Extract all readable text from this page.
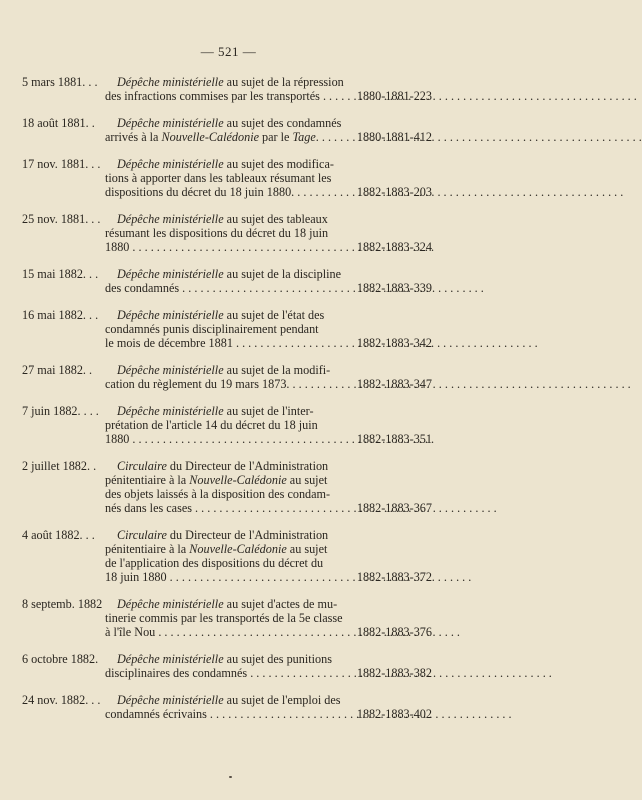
— 521 —
5 mars 1881. . .	Dépêche ministérielle au sujet de la répression
des infractions commises par les transportés . . . . . 1880-1881-223
18 août 1881. .	Dépêche ministérielle au sujet des condamnés
arrivés à la Nouvelle-Calédonie par le Tage. . . . . . . 1880-1881-412
17 nov. 1881. . .	Dépêche ministérielle au sujet des modifica-
tions à apporter dans les tableaux résumant les
dispositions du décret du 18 juin 1880. . . . . . . .	1882-1883-203
25 nov. 1881. . .	Dépêche ministérielle au sujet des tableaux
résumant les dispositions du décret du 18 juin
1880 . . .	1882-1883-324
15 mai 1882. . .	Dépêche ministérielle au sujet de la discipline
des condamnés . . .	1882-1883-339
16 mai 1882. . .	Dépêche ministérielle au sujet de l'état des
condamnés punis disciplinairement pendant
le mois de décembre 1881 . . .	1882-1883-342
27 mai 1882. .	Dépêche ministérielle au sujet de la modifi-
cation du règlement du 19 mars 1873. . . . . . . . . .	1882-1883-347
7 juin 1882. . . .	Dépêche ministérielle au sujet de l'inter-
prétation de l'article 14 du décret du 18 juin
1880 . . .	1882-1883-351
2 juillet 1882. .	Circulaire du Directeur de l'Administration
pénitentiaire à la Nouvelle-Calédonie au sujet
des objets laissés à la disposition des condam-
nés dans les cases . . .	1882-1883-367
4 août 1882. . .	Circulaire du Directeur de l'Administration
pénitentiaire à la Nouvelle-Calédonie au sujet
de l'application des dispositions du décret du
18 juin 1880 . . .	1882-1883-372
8 septemb. 1882	Dépêche ministérielle au sujet d'actes de mu-
tinerie commis par les transportés de la 5e classe
à l'île Nou . . .	1882-1883-376
6 octobre 1882.	Dépêche ministérielle au sujet des punitions
disciplinaires des condamnés . . .	1882-1883-382
24 nov. 1882. . .	Dépêche ministérielle au sujet de l'emploi des
condamnés écrivains . . .	1882-1883-402
